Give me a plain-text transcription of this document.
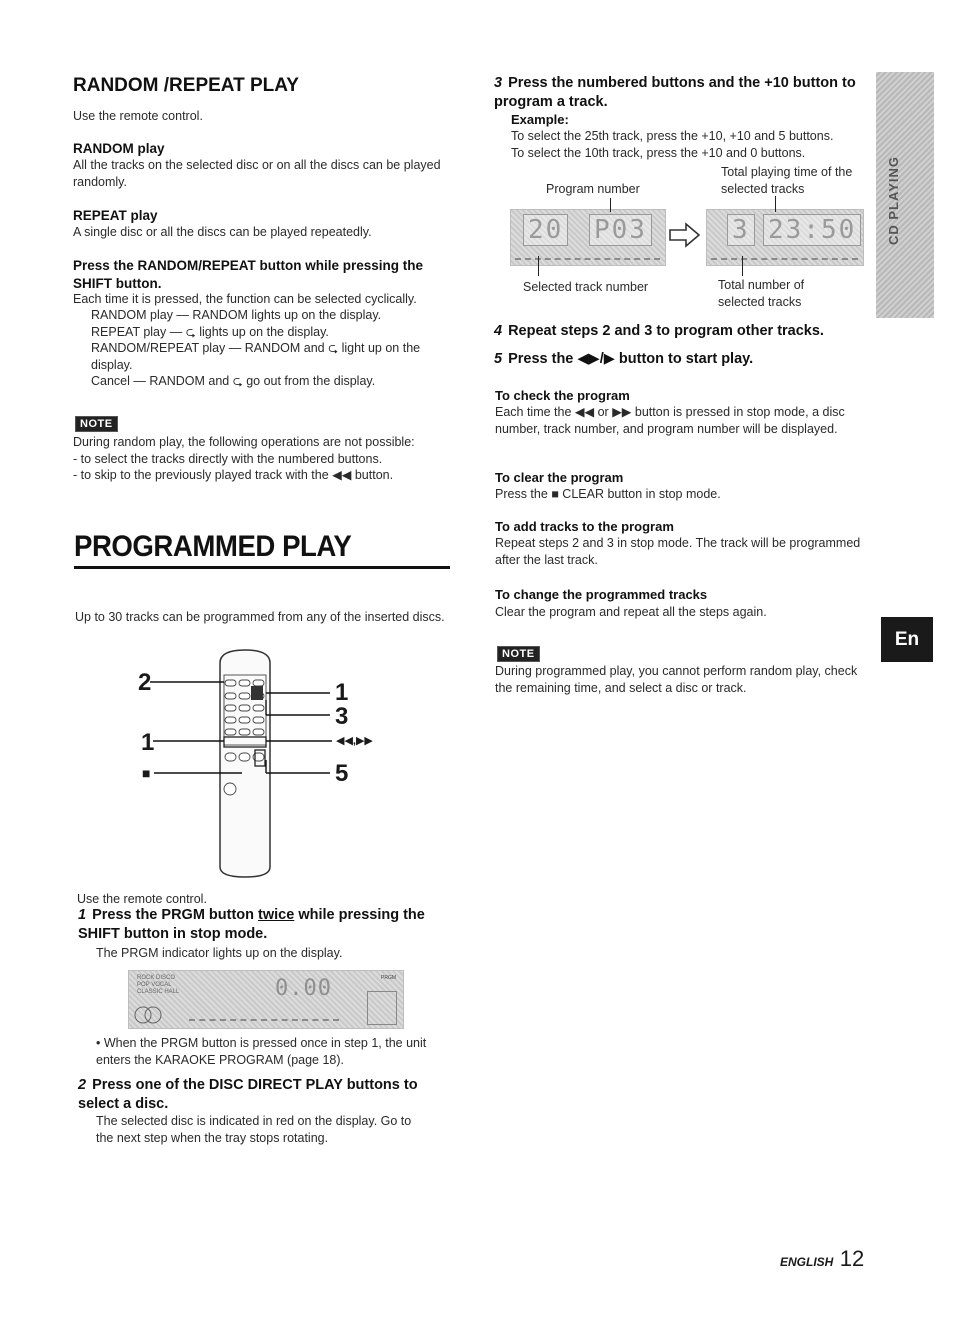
CD PLAYING
En
RANDOM /REPEAT PLAY
Use the remote control.
RANDOM play
All the tracks on the selected disc or on all the discs can be played randomly.
REPEAT play
A single disc or all the discs can be played repeatedly.
Press the RANDOM/REPEAT button while pressing the SHIFT button.
Each time it is pressed, the function can be selected cyclically.
RANDOM play — RANDOM lights up on the display.
REPEAT play — ⮎ lights up on the display.
RANDOM/REPEAT play — RANDOM and ⮎ light up on the display.
Cancel — RANDOM and ⮎ go out from the display.
NOTE
During random play, the following operations are not possible:
- to select the tracks directly with the numbered buttons.
- to skip to the previously played track with the ◀◀ button.
PROGRAMMED PLAY
Up to 30 tracks can be programmed from any of the inserted discs.
2
1
■
1
3
◀◀,▶▶
5
Use the remote control.
1 Press the PRGM button twice while pressing the SHIFT button in stop mode.
The PRGM indicator lights up on the display.
ROCK DISCO
POP VOCAL
CLASSIC HALL
PRGM
0.00
• When the PRGM button is pressed once in step 1, the unit enters the KARAOKE PROGRAM (page 18).
2 Press one of the DISC DIRECT PLAY buttons to select a disc.
The selected disc is indicated in red on the display. Go to the next step when the tray stops rotating.
3 Press the numbered buttons and the +10 button to program a track.
Example:
To select the 25th track, press the +10, +10 and 5 buttons.
To select the 10th track, press the +10 and 0 buttons.
Program number
Total playing time of the selected tracks
20 P03	3 23:50
Selected track number	Total number of selected tracks
4 Repeat steps 2 and 3 to program other tracks.
5 Press the ◀▶/▶ button to start play.
To check the program
Each time the ◀◀ or ▶▶ button is pressed in stop mode, a disc number, track number, and program number will be displayed.
To clear the program
Press the ■ CLEAR button in stop mode.
To add tracks to the program
Repeat steps 2 and 3 in stop mode. The track will be programmed after the last track.
To change the programmed tracks
Clear the program and repeat all the steps again.
NOTE
During programmed play, you cannot perform random play, check the remaining time, and select a disc or track.
ENGLISH 12
